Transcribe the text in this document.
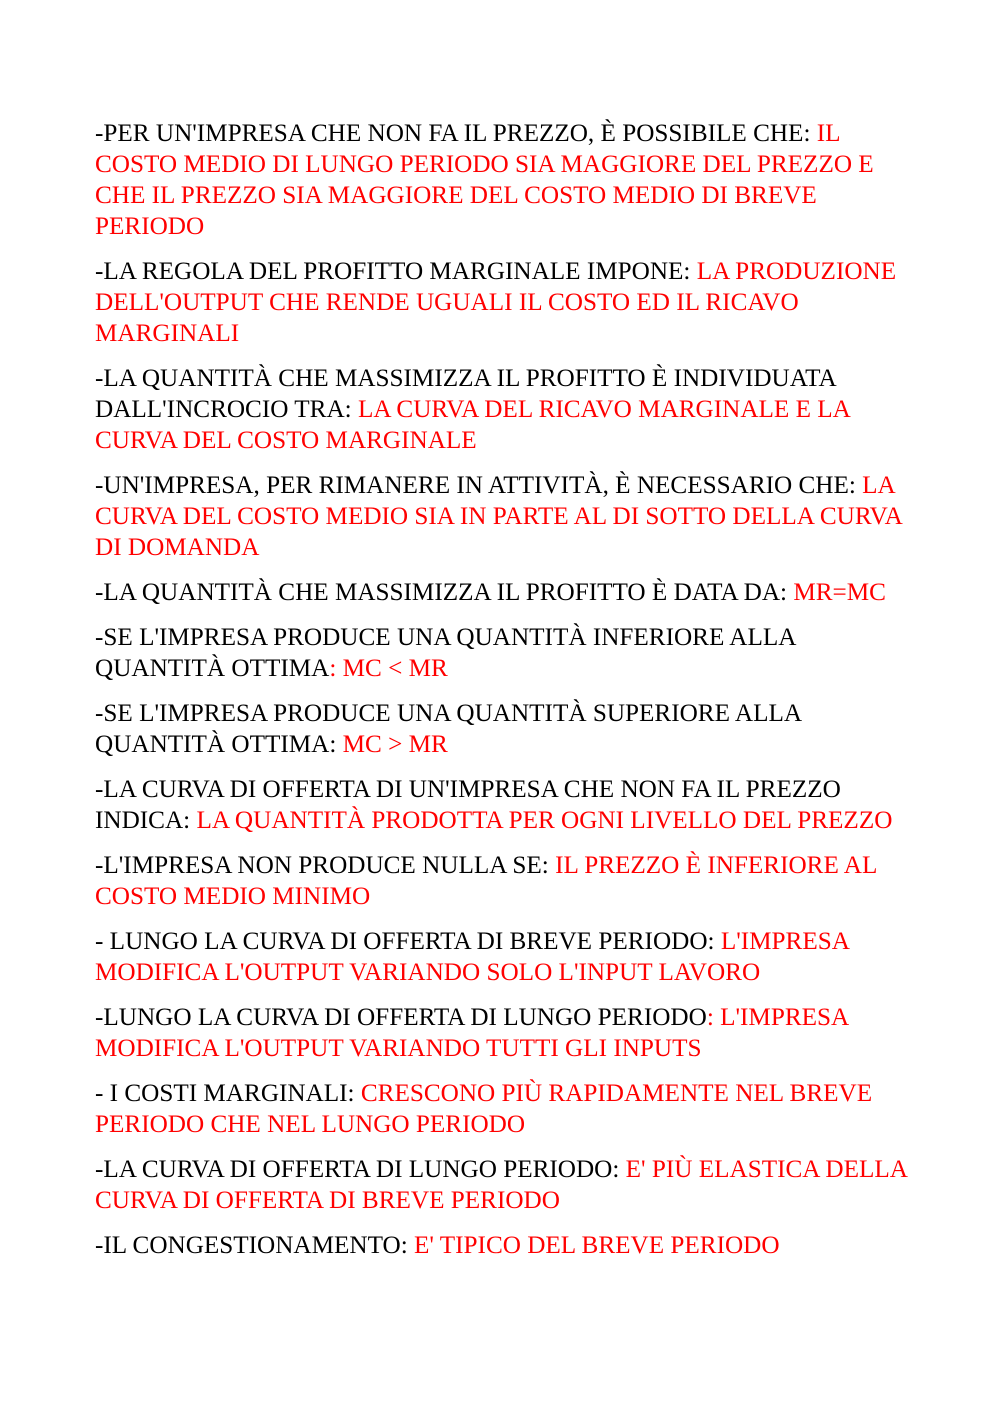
-PER UN'IMPRESA CHE NON FA IL PREZZO, È POSSIBILE CHE: IL COSTO MEDIO DI LUNGO PERIODO SIA MAGGIORE DEL PREZZO E CHE IL PREZZO SIA MAGGIORE DEL COSTO MEDIO DI BREVE PERIODO

-LA REGOLA DEL PROFITTO MARGINALE IMPONE: LA PRODUZIONE DELL'OUTPUT CHE RENDE UGUALI IL COSTO ED IL RICAVO MARGINALI

-LA QUANTITÀ CHE MASSIMIZZA IL PROFITTO È INDIVIDUATA DALL'INCROCIO TRA: LA CURVA DEL RICAVO MARGINALE E LA CURVA DEL COSTO MARGINALE

-UN'IMPRESA, PER RIMANERE IN ATTIVITÀ, È NECESSARIO CHE: LA CURVA DEL COSTO MEDIO SIA IN PARTE AL DI SOTTO DELLA CURVA DI DOMANDA

-LA QUANTITÀ CHE MASSIMIZZA IL PROFITTO È DATA DA: MR=MC

-SE L'IMPRESA PRODUCE UNA QUANTITÀ INFERIORE ALLA QUANTITÀ OTTIMA: MC < MR

-SE L'IMPRESA PRODUCE UNA QUANTITÀ SUPERIORE ALLA QUANTITÀ OTTIMA: MC > MR

-LA CURVA DI OFFERTA DI UN'IMPRESA CHE NON FA IL PREZZO INDICA: LA QUANTITÀ PRODOTTA PER OGNI LIVELLO DEL PREZZO

-L'IMPRESA NON PRODUCE NULLA SE: IL PREZZO È INFERIORE AL COSTO MEDIO MINIMO

- LUNGO LA CURVA DI OFFERTA DI BREVE PERIODO: L'IMPRESA MODIFICA L'OUTPUT VARIANDO SOLO L'INPUT LAVORO

-LUNGO LA CURVA DI OFFERTA DI LUNGO PERIODO: L'IMPRESA MODIFICA L'OUTPUT VARIANDO TUTTI GLI INPUTS

- I COSTI MARGINALI: CRESCONO PIÙ RAPIDAMENTE NEL BREVE PERIODO CHE NEL LUNGO PERIODO

-LA CURVA DI OFFERTA DI LUNGO PERIODO: E' PIÙ ELASTICA DELLA CURVA DI OFFERTA DI BREVE PERIODO

-IL CONGESTIONAMENTO: E' TIPICO DEL BREVE PERIODO
